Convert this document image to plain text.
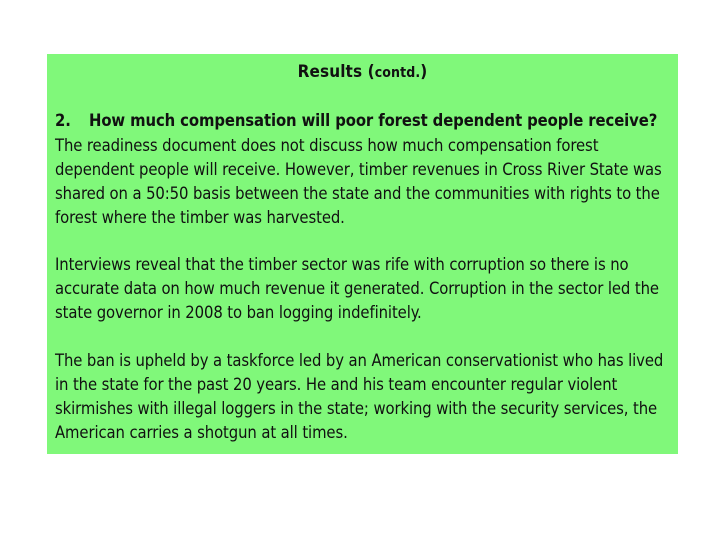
Results (contd.)
2. How much compensation will poor forest dependent people receive?
The readiness document does not discuss how much compensation forest dependent people will receive. However, timber revenues in Cross River State was shared on a 50:50 basis between the state and the communities with rights to the forest where the timber was harvested.
Interviews reveal that the timber sector was rife with corruption so there is no accurate data on how much revenue it generated. Corruption in the sector led the state governor in 2008 to ban logging indefinitely.
The ban is upheld by a taskforce led by an American conservationist who has lived in the state for the past 20 years. He and his team encounter regular violent skirmishes with illegal loggers in the state; working with the security services, the American carries a shotgun at all times.
